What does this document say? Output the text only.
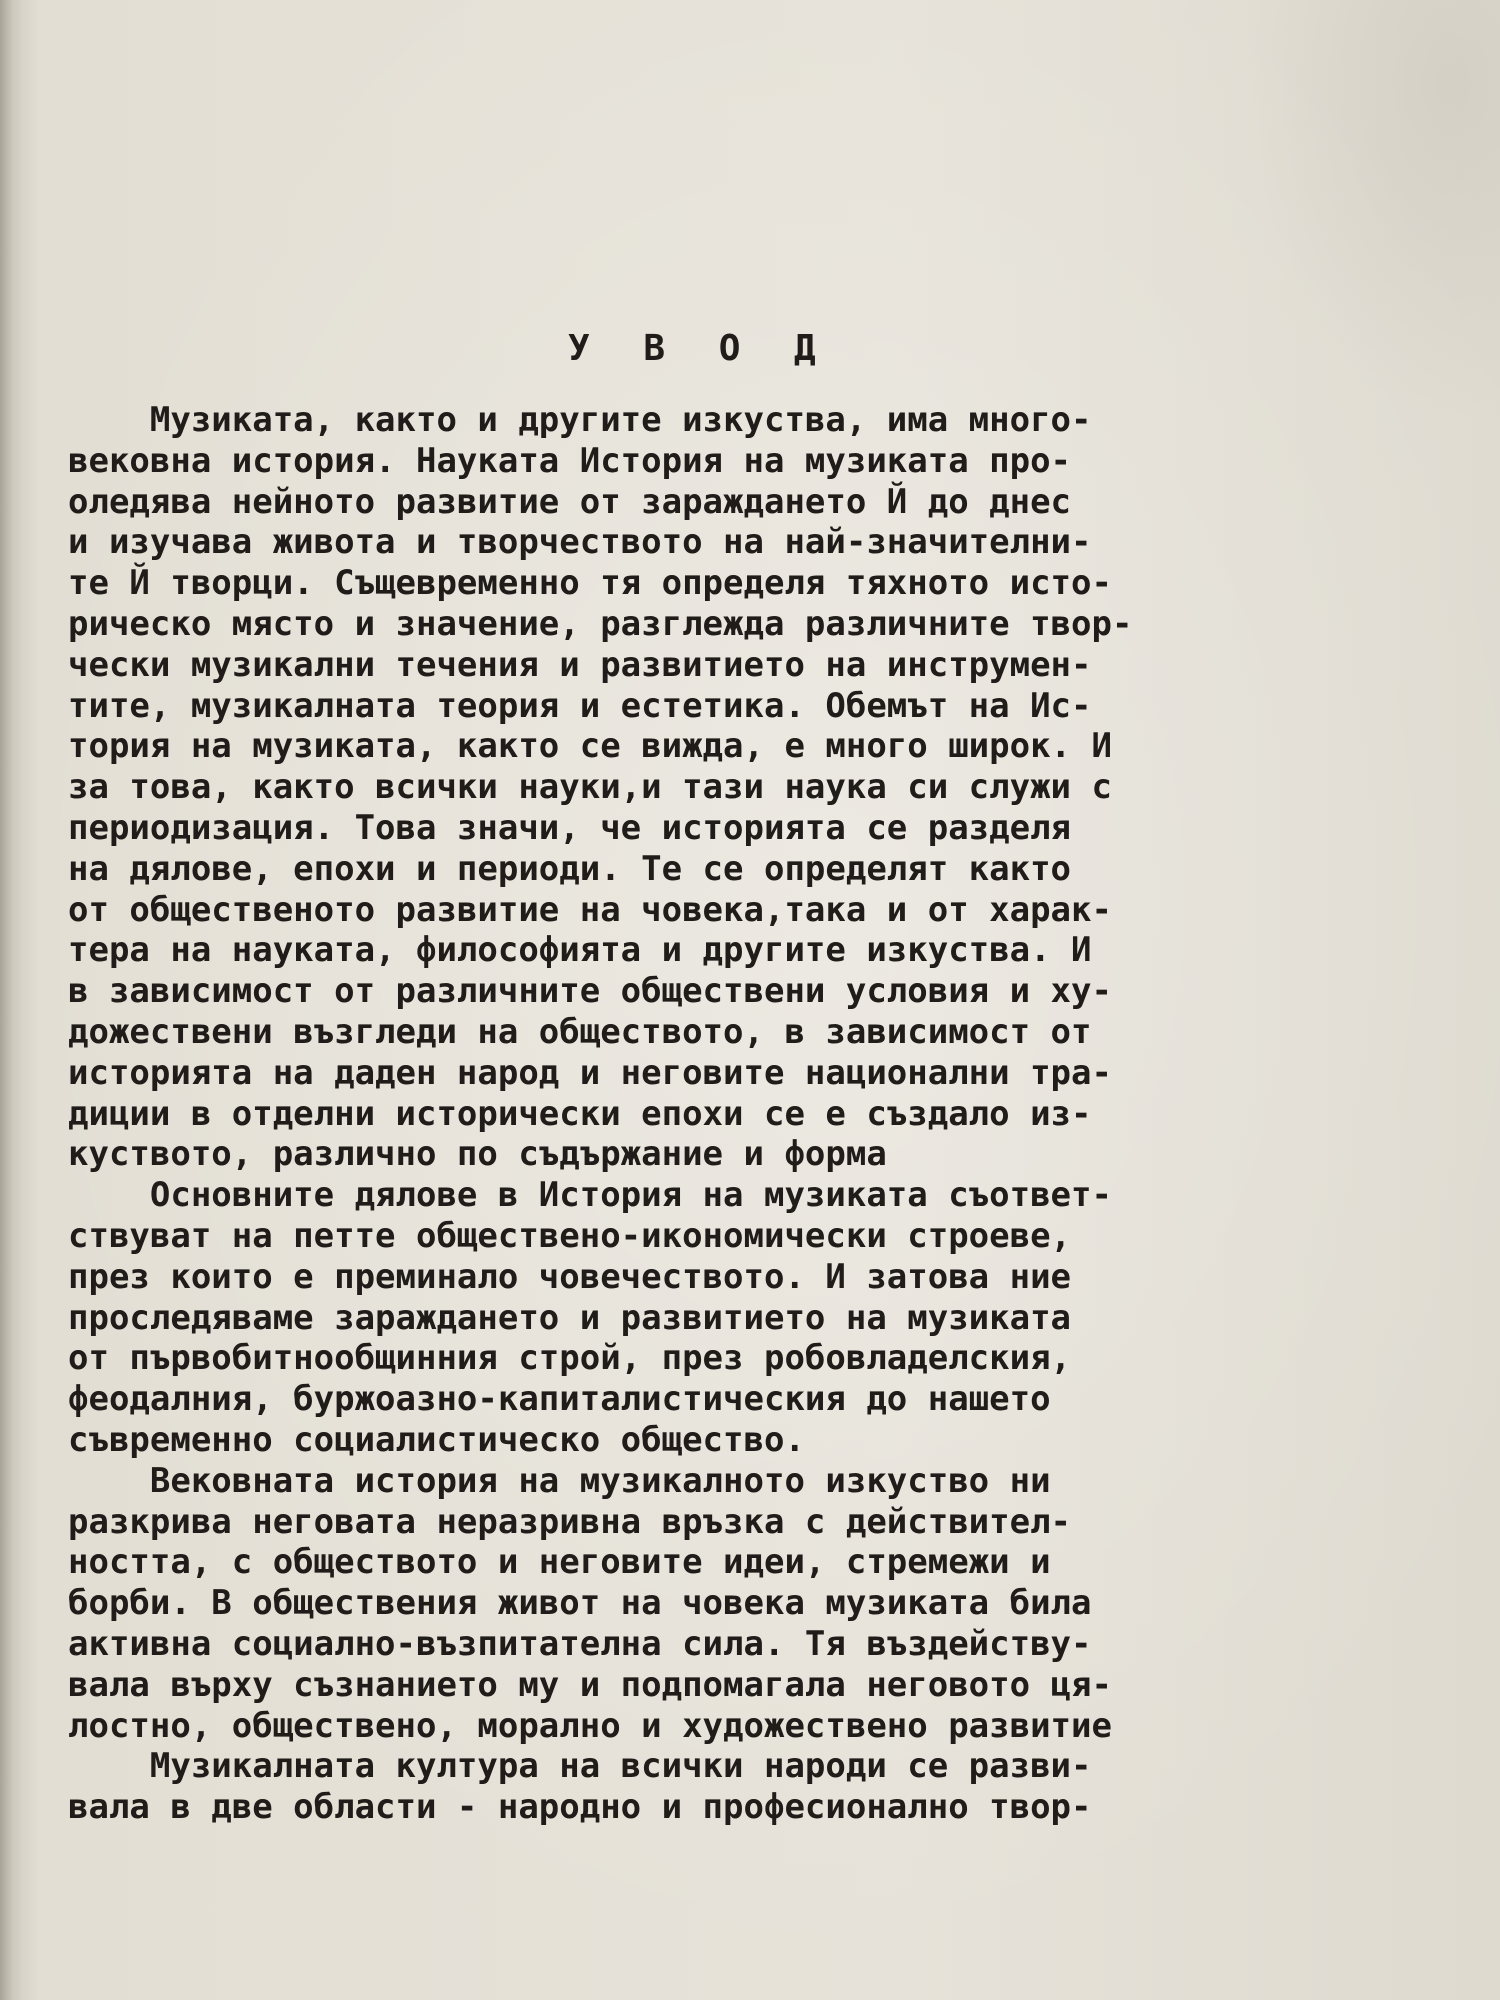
У В О Д
Музиката, както и другите изкуства, има много-
вековна история. Науката История на музиката про-
оледява нейното развитие от зараждането Й до днес
и изучава живота и творчеството на най-значителни-
те Й творци. Същевременно тя определя тяхното исто-
рическо място и значение, разглежда различните твор-
чески музикални течения и развитието на инструмен-
тите, музикалната теория и естетика. Обемът на Ис-
тория на музиката, както се вижда, е много широк. И
за това, както всички науки,и тази наука си служи с
периодизация. Това значи, че историята се разделя
на дялове, епохи и периоди. Те се определят както
от общественото развитие на човека,така и от харак-
тера на науката, философията и другите изкуства. И
в зависимост от различните обществени условия и ху-
дожествени възгледи на обществото, в зависимост от
историята на даден народ и неговите национални тра-
диции в отделни исторически епохи се е създало из-
куството, различно по съдържание и форма
Основните дялове в История на музиката съответ-
ствуват на петте обществено-икономически строеве,
през които е преминало човечеството. И затова ние
проследяваме зараждането и развитието на музиката
от първобитнообщинния строй, през робовладелския,
феодалния, буржоазно-капиталистическия до нашето
съвременно социалистическо общество.
Вековната история на музикалното изкуство ни
разкрива неговата неразривна връзка с действител-
ността, с обществото и неговите идеи, стремежи и
борби. В обществения живот на човека музиката била
активна социално-възпитателна сила. Тя въздейству-
вала върху съзнанието му и подпомагала неговото ця-
лостно, обществено, морално и художествено развитие
Музикалната култура на всички народи се разви-
вала в две области - народно и професионално твор-
